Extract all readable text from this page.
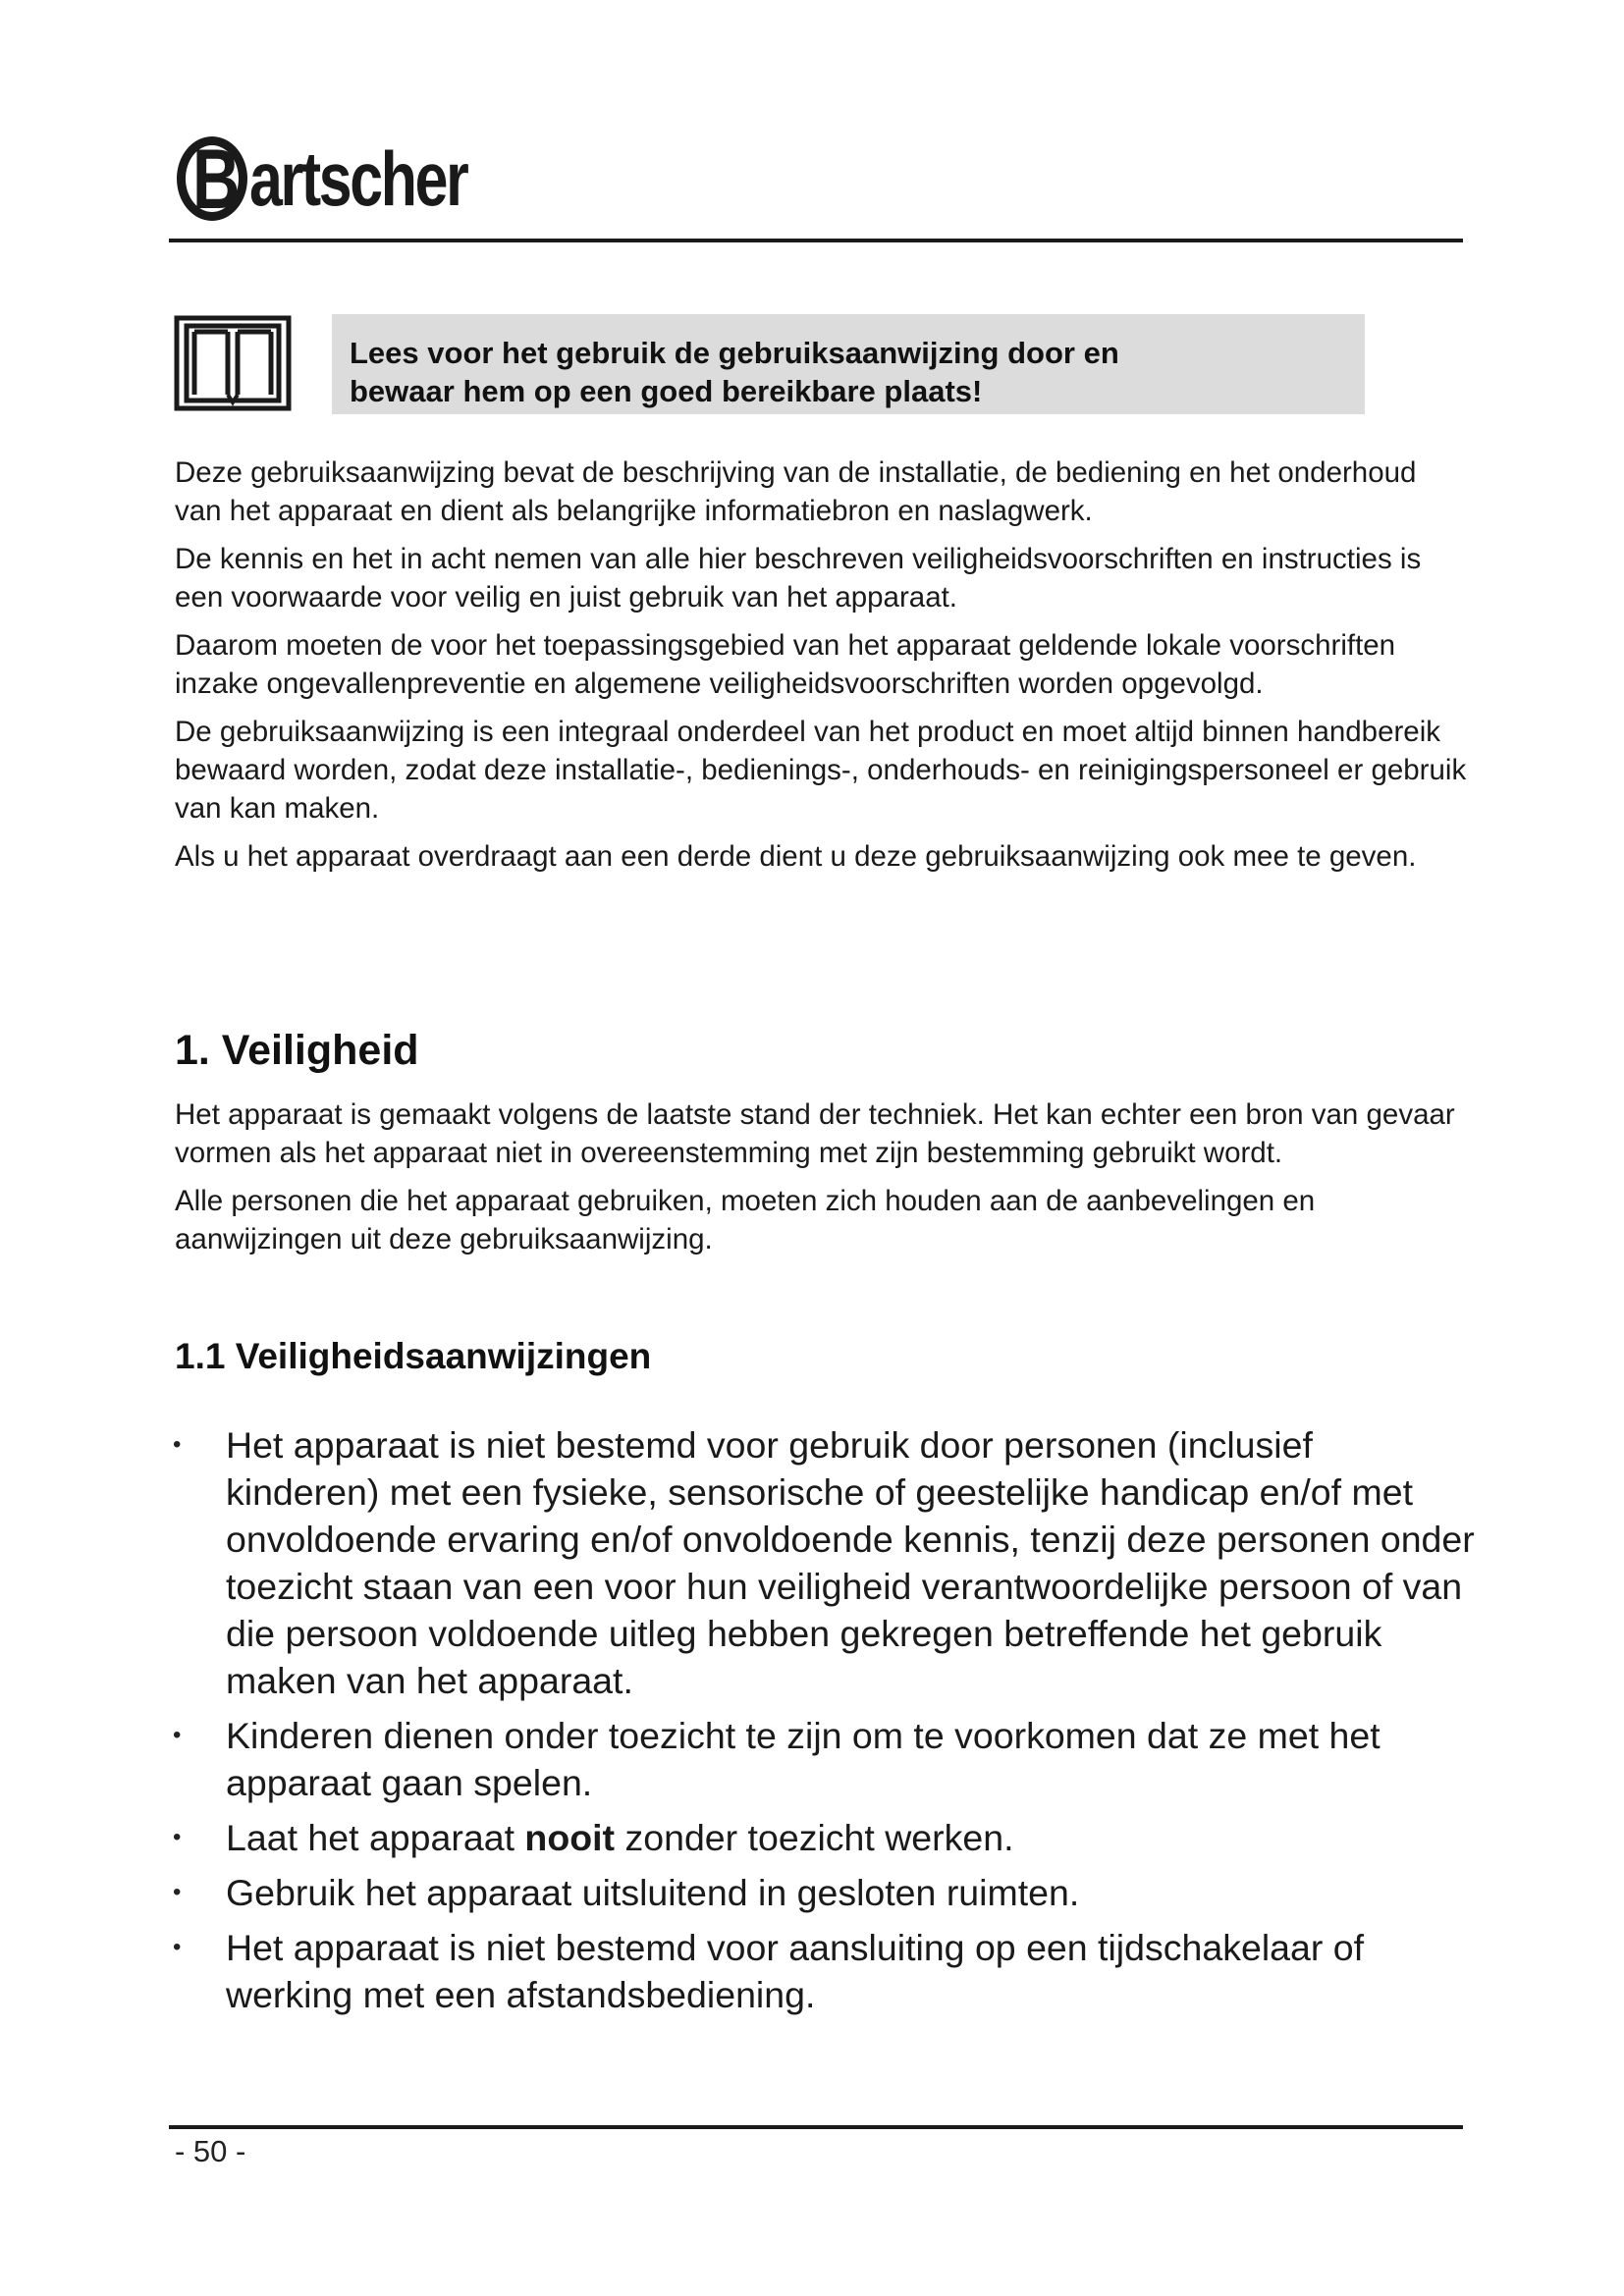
B artscher

Lees voor het gebruik de gebruiksaanwijzing door en

bewaar hem op een goed bereikbare plaats!

Deze gebruiksaanwijzing bevat de beschrijving van de installatie, de bediening en het onderhoud van het apparaat en dient als belangrijke informatiebron en naslagwerk.

De kennis en het in acht nemen van alle hier beschreven veiligheidsvoorschriften en instructies is een voorwaarde voor veilig en juist gebruik van het apparaat.

Daarom moeten de voor het toepassingsgebied van het apparaat geldende lokale voorschriften inzake ongevallenpreventie en algemene veiligheidsvoorschriften worden opgevolgd.

De gebruiksaanwijzing is een integraal onderdeel van het product en moet altijd binnen handbereik bewaard worden, zodat deze installatie-, bedienings-, onderhouds- en reinigingspersoneel er gebruik van kan maken.

Als u het apparaat overdraagt aan een derde dient u deze gebruiksaanwijzing ook mee te geven.

1. Veiligheid

Het apparaat is gemaakt volgens de laatste stand der techniek. Het kan echter een bron van gevaar vormen als het apparaat niet in overeenstemming met zijn bestemming gebruikt wordt.

Alle personen die het apparaat gebruiken, moeten zich houden aan de aanbevelingen en aanwijzingen uit deze gebruiksaanwijzing.

1.1 Veiligheidsaanwijzingen
• Het apparaat is niet bestemd voor gebruik door personen (inclusief kinderen) met een fysieke, sensorische of geestelijke handicap en/of met onvoldoende ervaring en/of onvoldoende kennis, tenzij deze personen onder toezicht staan van een voor hun veiligheid verantwoordelijke persoon of van die persoon voldoende uitleg hebben gekregen betreffende het gebruik maken van het apparaat.
• Kinderen dienen onder toezicht te zijn om te voorkomen dat ze met het apparaat gaan spelen.
• Laat het apparaat nooit zonder toezicht werken.
• Gebruik het apparaat uitsluitend in gesloten ruimten.
• Het apparaat is niet bestemd voor aansluiting op een tijdschakelaar of werking met een afstandsbediening.
- 50 -
